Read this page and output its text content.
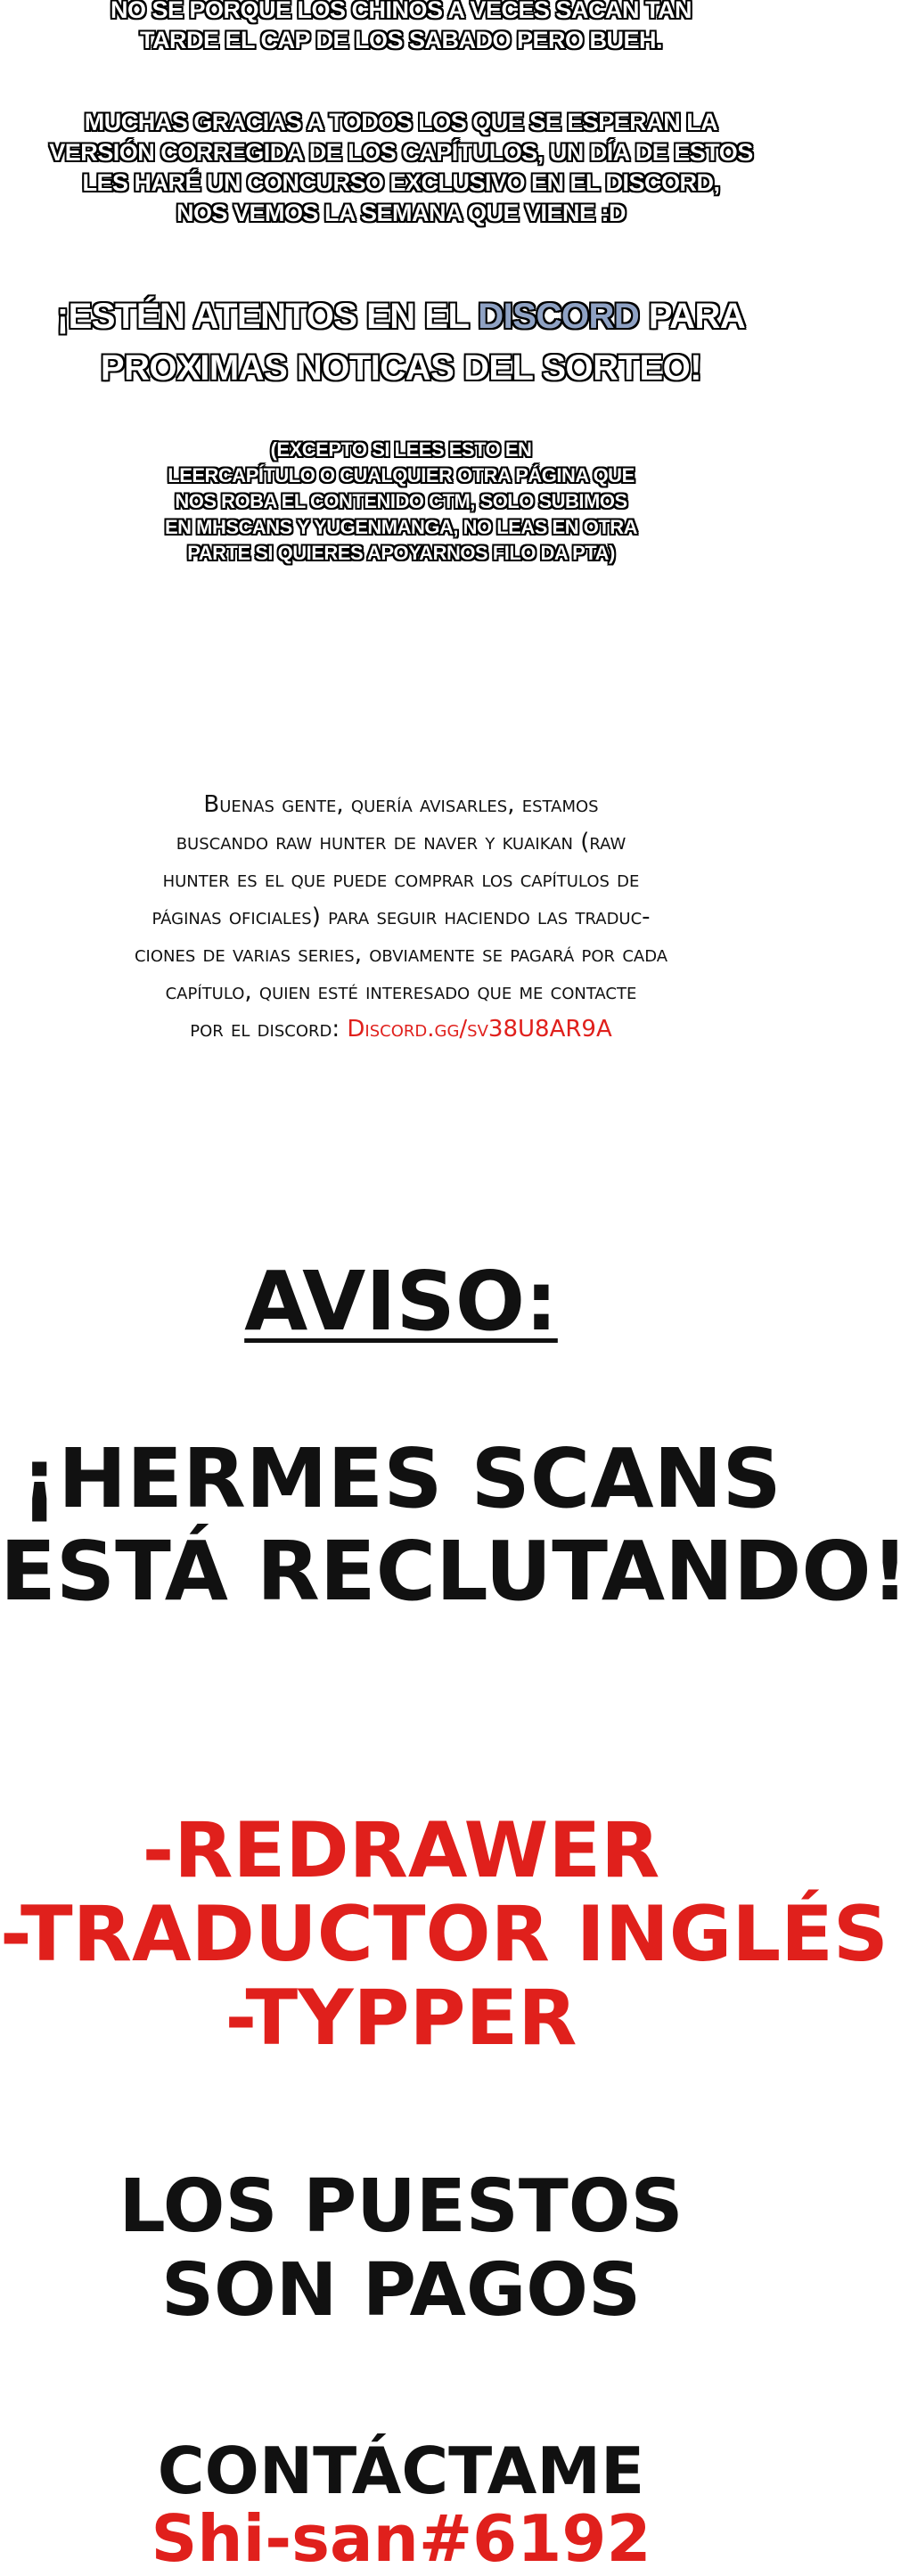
NO SE PORQUE LOS CHINOS A VECES SACAN TAN
TARDE EL CAP DE LOS SABADO PERO BUEH.
MUCHAS GRACIAS A TODOS LOS QUE SE ESPERAN LA
VERSIÓN CORREGIDA DE LOS CAPÍTULOS, UN DÍA DE ESTOS
LES HARÉ UN CONCURSO EXCLUSIVO EN EL DISCORD,
NOS VEMOS LA SEMANA QUE VIENE :D
¡ESTÉN ATENTOS EN EL DISCORD PARA
PROXIMAS NOTICAS DEL SORTEO!
(EXCEPTO SI LEES ESTO EN
LEERCAPÍTULO O CUALQUIER OTRA PÁGINA QUE
NOS ROBA EL CONTENIDO CTM, SOLO SUBIMOS
EN MHSCANS Y YUGENMANGA, NO LEAS EN OTRA
PARTE SI QUIERES APOYARNOS FILO DA PTA)
Buenas gente, quería avisarles, estamos
buscando raw hunter de naver y kuaikan (raw
hunter es el que puede comprar los capítulos de
páginas oficiales) para seguir haciendo las traduc-
ciones de varias series, obviamente se pagará por cada
capítulo, quien esté interesado que me contacte
por el discord: Discord.gg/sv38U8AR9A
AVISO:
¡HERMES SCANS
ESTÁ RECLUTANDO!
-REDRAWER
-TRADUCTOR INGLÉS
-TYPPER
LOS PUESTOS
SON PAGOS
CONTÁCTAME
Shi-san#6192
